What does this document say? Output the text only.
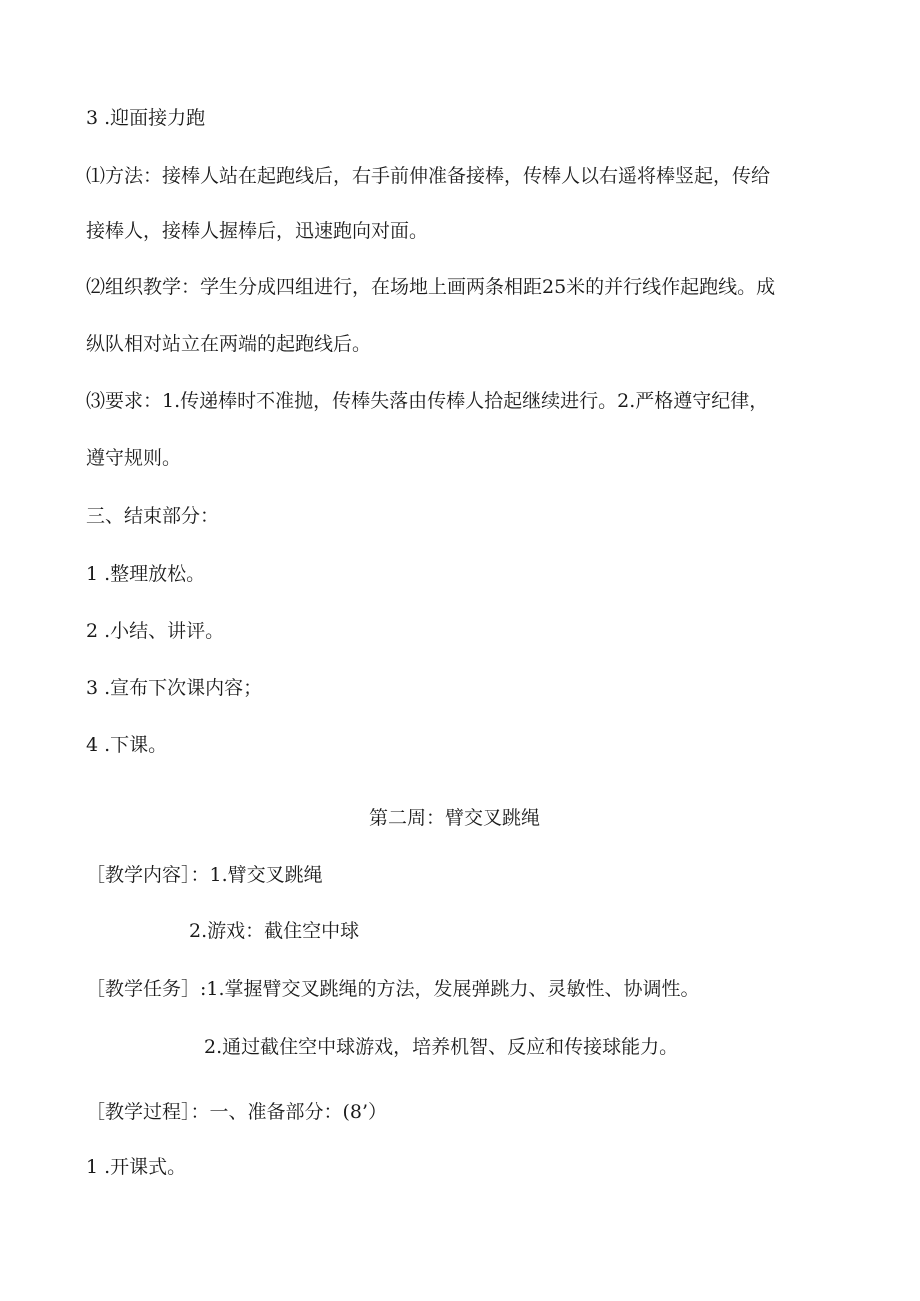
3 .迎面接力跑

⑴方法：接棒人站在起跑线后，右手前伸准备接棒，传棒人以右遥将棒竖起，传给

接棒人，接棒人握棒后，迅速跑向对面。

⑵组织教学：学生分成四组进行，在场地上画两条相距25米的并行线作起跑线。成

纵队相对站立在两端的起跑线后。

⑶要求：1.传递棒时不准抛，传棒失落由传棒人拾起继续进行。2.严格遵守纪律，

遵守规则。

三、结束部分：

1 .整理放松。

2 .小结、讲评。

3 .宣布下次课内容；

4 .下课。

第二周：臂交叉跳绳

［教学内容］：1.臂交叉跳绳

2.游戏：截住空中球

［教学任务］:1.掌握臂交叉跳绳的方法，发展弹跳力、灵敏性、协调性。

2.通过截住空中球游戏，培养机智、反应和传接球能力。

［教学过程］：一、准备部分：(8’）

1 .开课式。
